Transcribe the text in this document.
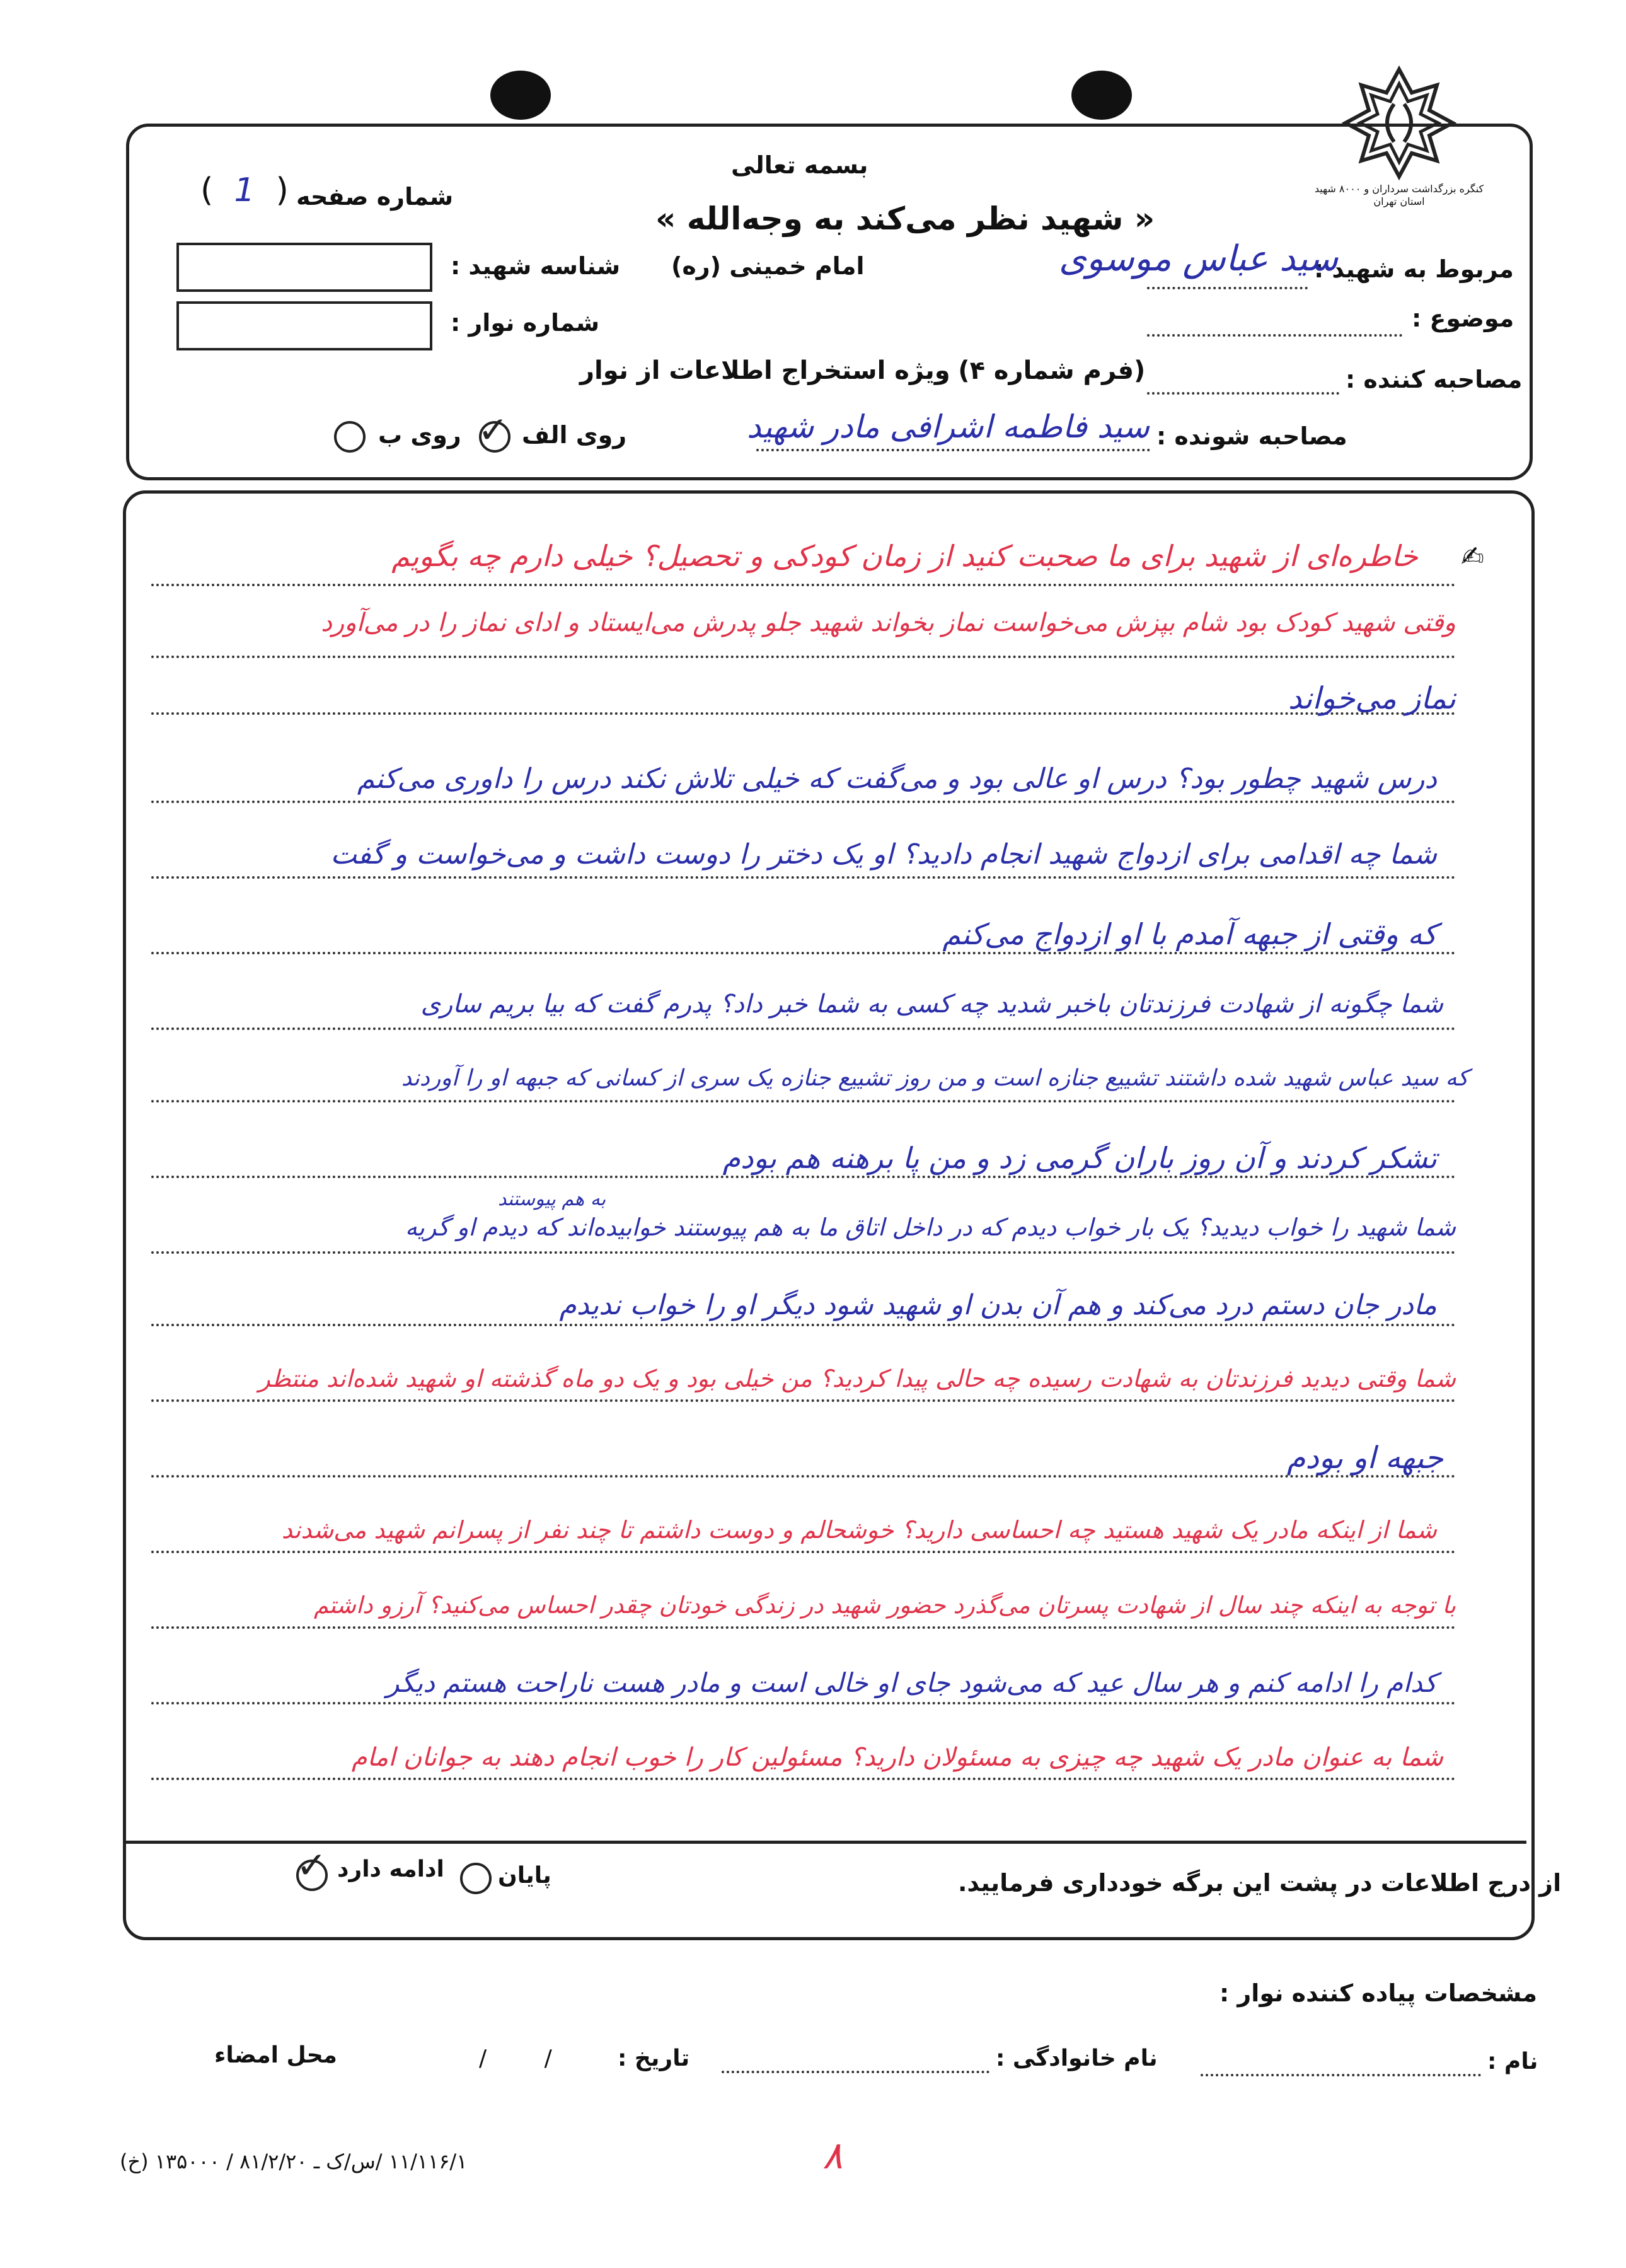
کنگره بزرگداشت سرداران و ۸۰۰۰ شهید استان تهران
بسمه تعالی
« شهید نظر می‌کند به وجه‌الله »
امام خمینی (ره)
شماره صفحه
(  1  )
شناسه شهید :
شماره نوار :
مربوط به شهید :
سید عباس موسوی
موضوع :
مصاحبه کننده :
(فرم شماره ۴) ویژه استخراج اطلاعات از نوار
مصاحبه شونده :
سید فاطمه اشرافی مادر شهید
روی الف
✓
روی ب
✍
خاطره‌ای از شهید برای ما صحبت کنید از زمان کودکی و تحصیل؟ خیلی دارم چه بگویم
وقتی شهید کودک بود شام بپزش می‌خواست نماز بخواند شهید جلو پدرش می‌ایستاد و ادای نماز را در می‌آورد
نماز می‌خواند
درس شهید چطور بود؟ درس او عالی بود و می‌گفت که خیلی تلاش نکند درس را داوری می‌کنم
شما چه اقدامی برای ازدواج شهید انجام دادید؟ او یک دختر را دوست داشت و می‌خواست و گفت
که وقتی از جبهه آمدم با او ازدواج می‌کنم
شما چگونه از شهادت فرزندتان باخبر شدید چه کسی به شما خبر داد؟ پدرم گفت که بیا بریم ساری
که سید عباس شهید شده داشتند تشییع جنازه است و من روز تشییع جنازه یک سری از کسانی که جبهه او را آوردند
تشکر کردند و آن روز باران گرمی زد و من پا برهنه هم بودم
به هم پیوستند
شما شهید را خواب دیدید؟ یک بار خواب دیدم که در داخل اتاق ما به هم پیوستند خوابیده‌اند که دیدم او گریه
مادر جان دستم درد می‌کند و هم آن بدن او شهید شود دیگر او را خواب ندیدم
شما وقتی دیدید فرزندتان به شهادت رسیده چه حالی پیدا کردید؟ من خیلی بود و یک دو ماه گذشته او شهید شده‌اند منتظر
جبهه او بودم
شما از اینکه مادر یک شهید هستید چه احساسی دارید؟ خوشحالم و دوست داشتم تا چند نفر از پسرانم شهید می‌شدند
با توجه به اینکه چند سال از شهادت پسرتان می‌گذرد حضور شهید در زندگی خودتان چقدر احساس می‌کنید؟ آرزو داشتم
کدام را ادامه کنم و هر سال عید که می‌شود جای او خالی است و مادر هست ناراحت هستم دیگر
شما به عنوان مادر یک شهید چه چیزی به مسئولان دارید؟ مسئولین کار را خوب انجام دهند به جوانان امام
ادامه دارد
✓	پایان	از درج اطلاعات در پشت این برگه خودداری فرمایید.
مشخصات پیاده کننده نوار :
نام :
نام خانوادگی :
تاریخ :
/        /
محل امضاء
۱۱/۱۱۶/۱ /س/ک ـ ۸۱/۲/۲۰ / ۱۳۵۰۰۰ (خ)	۸
